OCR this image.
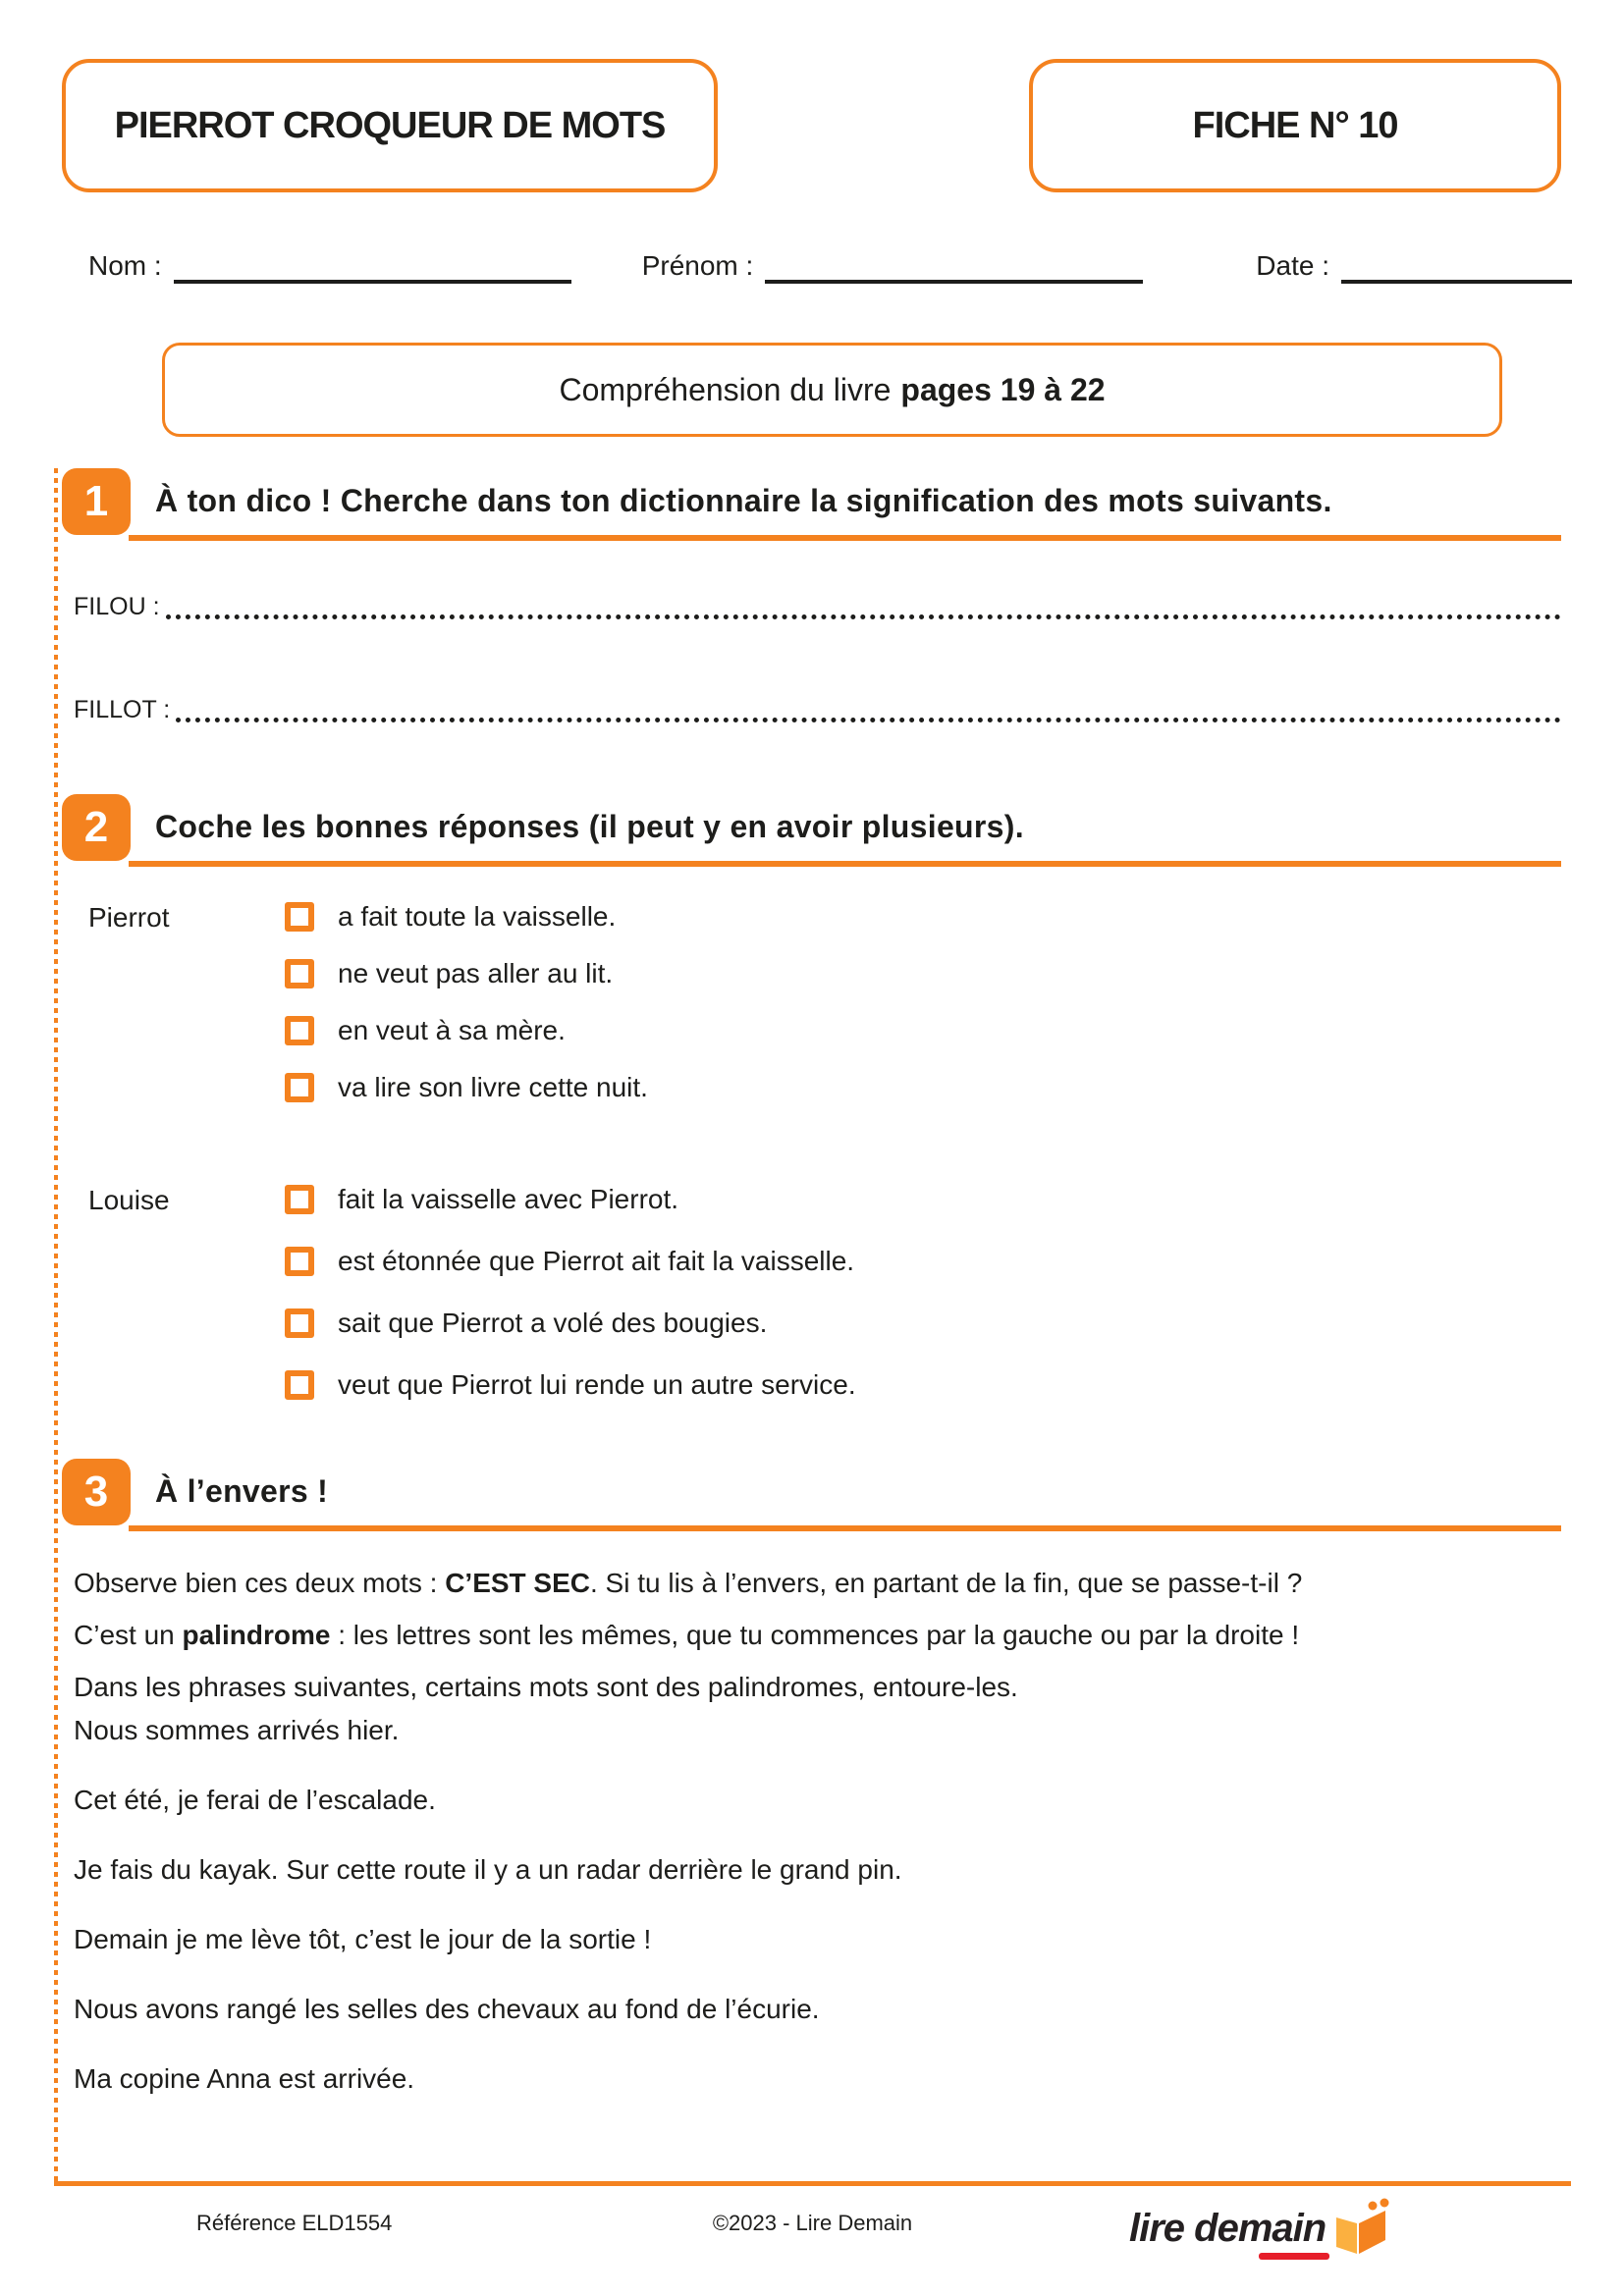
PIERROT CROQUEUR DE MOTS	FICHE N° 10
Nom :	Prénom :	Date :
Compréhension du livre pages 19 à 22
1	À ton dico ! Cherche dans ton dictionnaire la signification des mots suivants.
FILOU :
FILLOT :
2	Coche les bonnes réponses (il peut y en avoir plusieurs).
Pierrot	a fait toute la vaisselle.
ne veut pas aller au lit.
en veut à sa mère.
va lire son livre cette nuit.
Louise	fait la vaisselle avec Pierrot.
est étonnée que Pierrot ait fait la vaisselle.
sait que Pierrot a volé des bougies.
veut que Pierrot lui rende un autre service.
3	À l’envers !
Observe bien ces deux mots : C’EST SEC. Si tu lis à l’envers, en partant de la fin, que se passe-t-il ?
C’est un palindrome : les lettres sont les mêmes, que tu commences par la gauche ou par la droite !
Dans les phrases suivantes, certains mots sont des palindromes, entoure-les.
Nous sommes arrivés hier.
Cet été, je ferai de l’escalade.
Je fais du kayak. Sur cette route il y a un radar derrière le grand pin.
Demain je me lève tôt, c’est le jour de la sortie !
Nous avons rangé les selles des chevaux au fond de l’écurie.
Ma copine Anna est arrivée.
Référence ELD1554	©2023 - Lire Demain	lire demain
